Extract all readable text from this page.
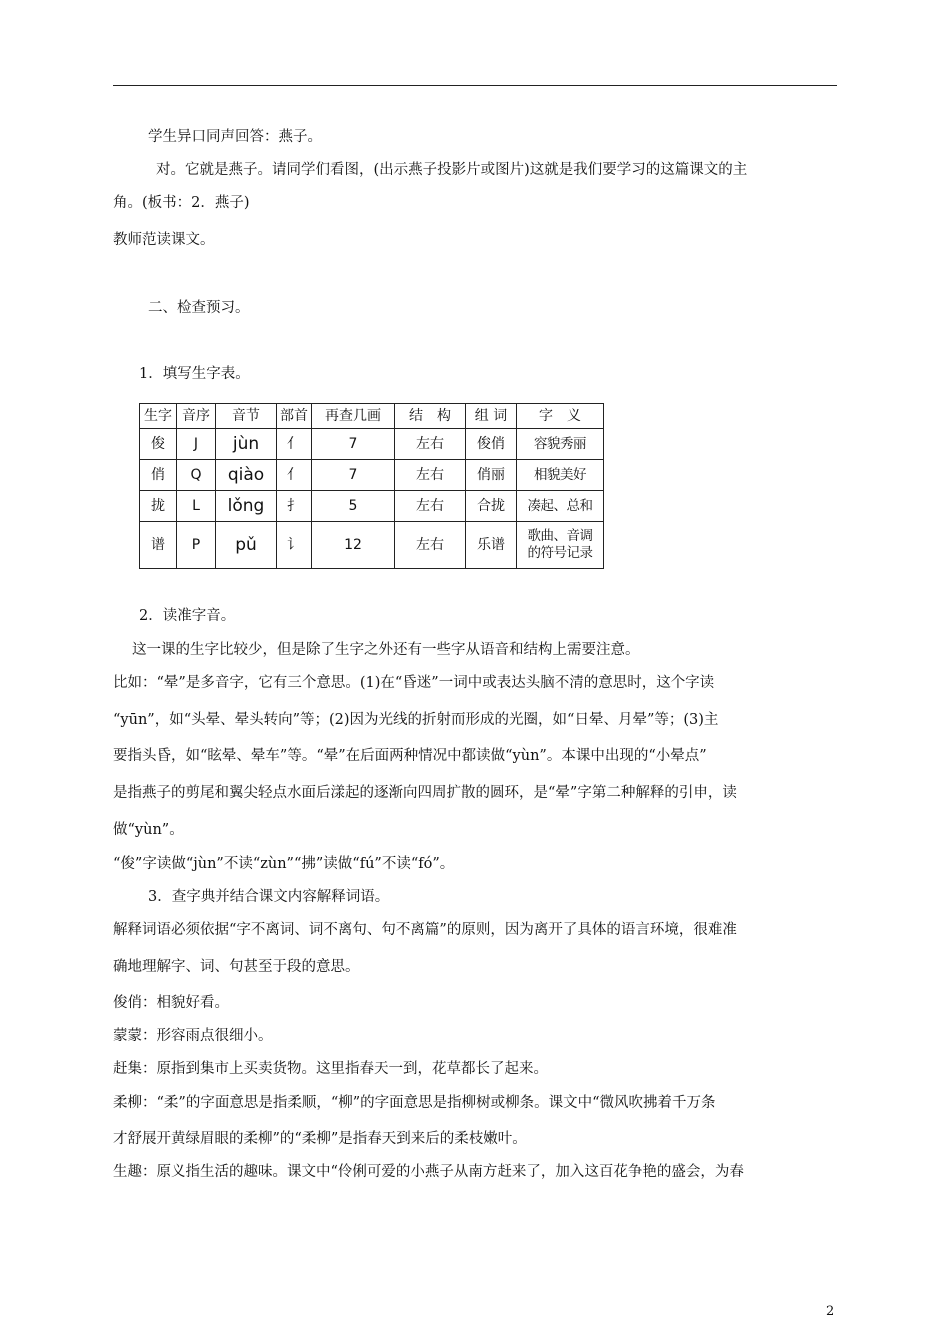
学生异口同声回答：燕子。
对。它就是燕子。请同学们看图，(出示燕子投影片或图片)这就是我们要学习的这篇课文的主
角。(板书：2．燕子)
教师范读课文。
二、检查预习。
1．填写生字表。
生字	音序	音节	部首	再查几画	结　构	组 词	字　义
俊	J	jùn	亻	7	左右	俊俏	容貌秀丽
俏	Q	qiào	亻	7	左右	俏丽	相貌美好
拢	L	lǒng	扌	5	左右	合拢	凑起、总和
谱	P	pǔ	讠	12	左右	乐谱	歌曲、音调
的符号记录
2．读准字音。
这一课的生字比较少，但是除了生字之外还有一些字从语音和结构上需要注意。
比如：“晕”是多音字，它有三个意思。(1)在“昏迷”一词中或表达头脑不清的意思时，这个字读
“yūn”，如“头晕、晕头转向”等；(2)因为光线的折射而形成的光圈，如“日晕、月晕”等；(3)主
要指头昏，如“眩晕、晕车”等。“晕”在后面两种情况中都读做“yùn”。本课中出现的“小晕点”
是指燕子的剪尾和翼尖轻点水面后漾起的逐渐向四周扩散的圆环，是“晕”字第二种解释的引申，读
做“yùn”。
“俊”字读做“jùn”不读“zùn”“拂”读做“fú”不读“fó”。
3．查字典并结合课文内容解释词语。
解释词语必须依据“字不离词、词不离句、句不离篇”的原则，因为离开了具体的语言环境，很难准
确地理解字、词、句甚至于段的意思。
俊俏：相貌好看。
蒙蒙：形容雨点很细小。
赶集：原指到集市上买卖货物。这里指春天一到，花草都长了起来。
柔柳：“柔”的字面意思是指柔顺，“柳”的字面意思是指柳树或柳条。课文中“微风吹拂着千万条
才舒展开黄绿眉眼的柔柳”的“柔柳”是指春天到来后的柔枝嫩叶。
生趣：原义指生活的趣味。课文中“伶俐可爱的小燕子从南方赶来了，加入这百花争艳的盛会，为春
2
